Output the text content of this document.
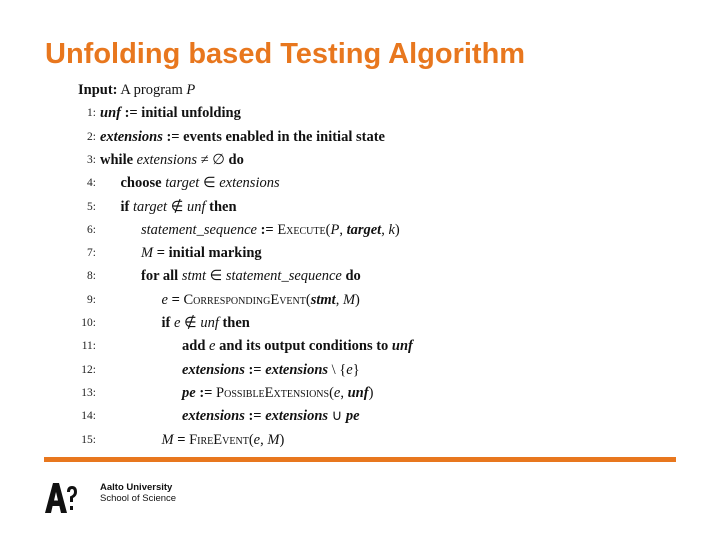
Unfolding based Testing Algorithm
Input: A program P
1: unf := initial unfolding
2: extensions := events enabled in the initial state
3: while extensions ≠ ∅ do
4: choose target ∈ extensions
5: if target ∉ unf then
6:	statement_sequence := Execute(P, target, k)
7:	M = initial marking
8:	for all stmt ∈ statement_sequence do
9:	e = CorrespondingEvent(stmt, M)
10:	if e ∉ unf then
11:	add e and its output conditions to unf
12:	extensions := extensions \ {e}
13:	pe := PossibleExtensions(e, unf)
14:	extensions := extensions ∪ pe
15:	M = FireEvent(e, M)
Aalto University
School of Science
